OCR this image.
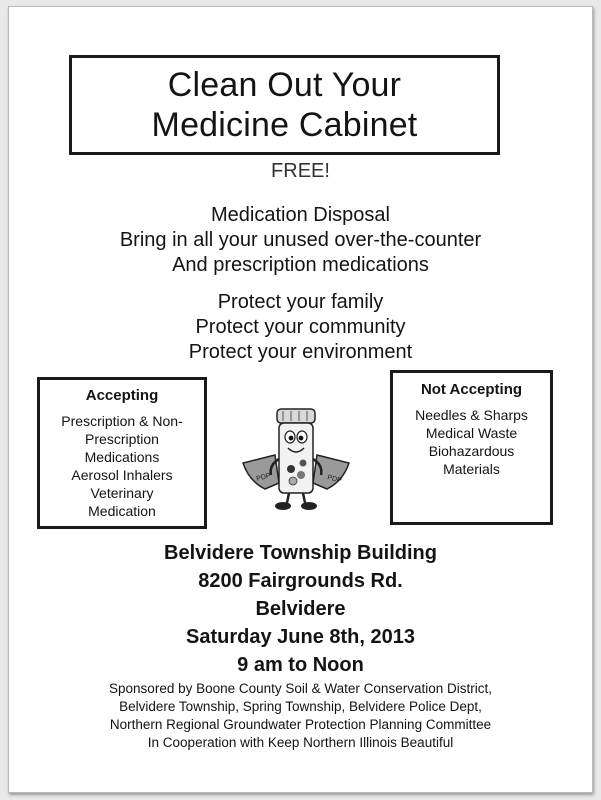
Clean Out Your
Medicine Cabinet
FREE!
Medication Disposal
Bring in all your unused over-the-counter
And prescription medications
Protect your family
Protect your community
Protect your environment
Accepting
Prescription & Non-
Prescription
Medications
Aerosol Inhalers
Veterinary
Medication
Not Accepting
Needles & Sharps
Medical Waste
Biohazardous
Materials
PDP	PDP
Belvidere Township Building
8200 Fairgrounds Rd.
Belvidere
Saturday June 8th, 2013
9 am to Noon
Sponsored by Boone County Soil & Water Conservation District,
Belvidere Township, Spring Township, Belvidere Police Dept,
Northern Regional Groundwater Protection Planning Committee
In Cooperation with Keep Northern Illinois Beautiful
